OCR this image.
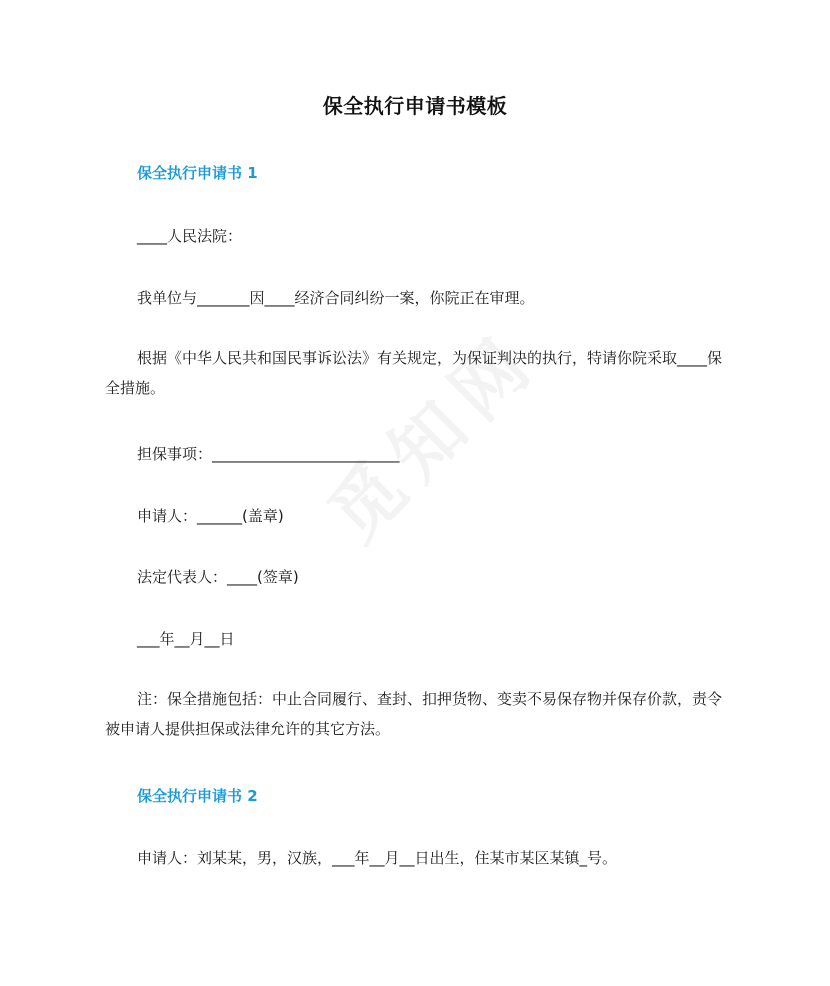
保全执行申请书模板
保全执行申请书 1
____人民法院：
我单位与_______因____经济合同纠纷一案，你院正在审理。
根据《中华人民共和国民事诉讼法》有关规定，为保证判决的执行，特请你院采取____保全措施。
担保事项：_________________________
申请人：______(盖章)
法定代表人：____(签章)
___年__月__日
注：保全措施包括：中止合同履行、查封、扣押货物、变卖不易保存物并保存价款，责令被申请人提供担保或法律允许的其它方法。
保全执行申请书 2
申请人：刘某某，男，汉族，___年__月__日出生，住某市某区某镇_号。
